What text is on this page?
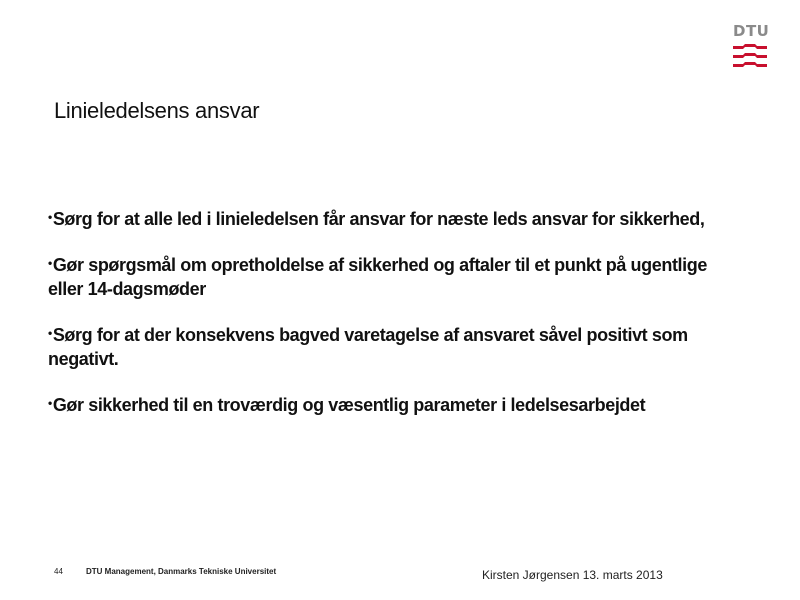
DTU
Linieledelsens ansvar
•Sørg for at alle led i linieledelsen får ansvar for næste leds ansvar for sikkerhed,
•Gør spørgsmål om opretholdelse af sikkerhed og aftaler til et punkt på ugentlige eller 14-dagsmøder
•Sørg for at der konsekvens bagved varetagelse af ansvaret såvel positivt som negativt.
•Gør sikkerhed til en troværdig og væsentlig parameter i ledelsesarbejdet
44	DTU Management, Danmarks Tekniske Universitet	Kirsten Jørgensen 13. marts 2013
